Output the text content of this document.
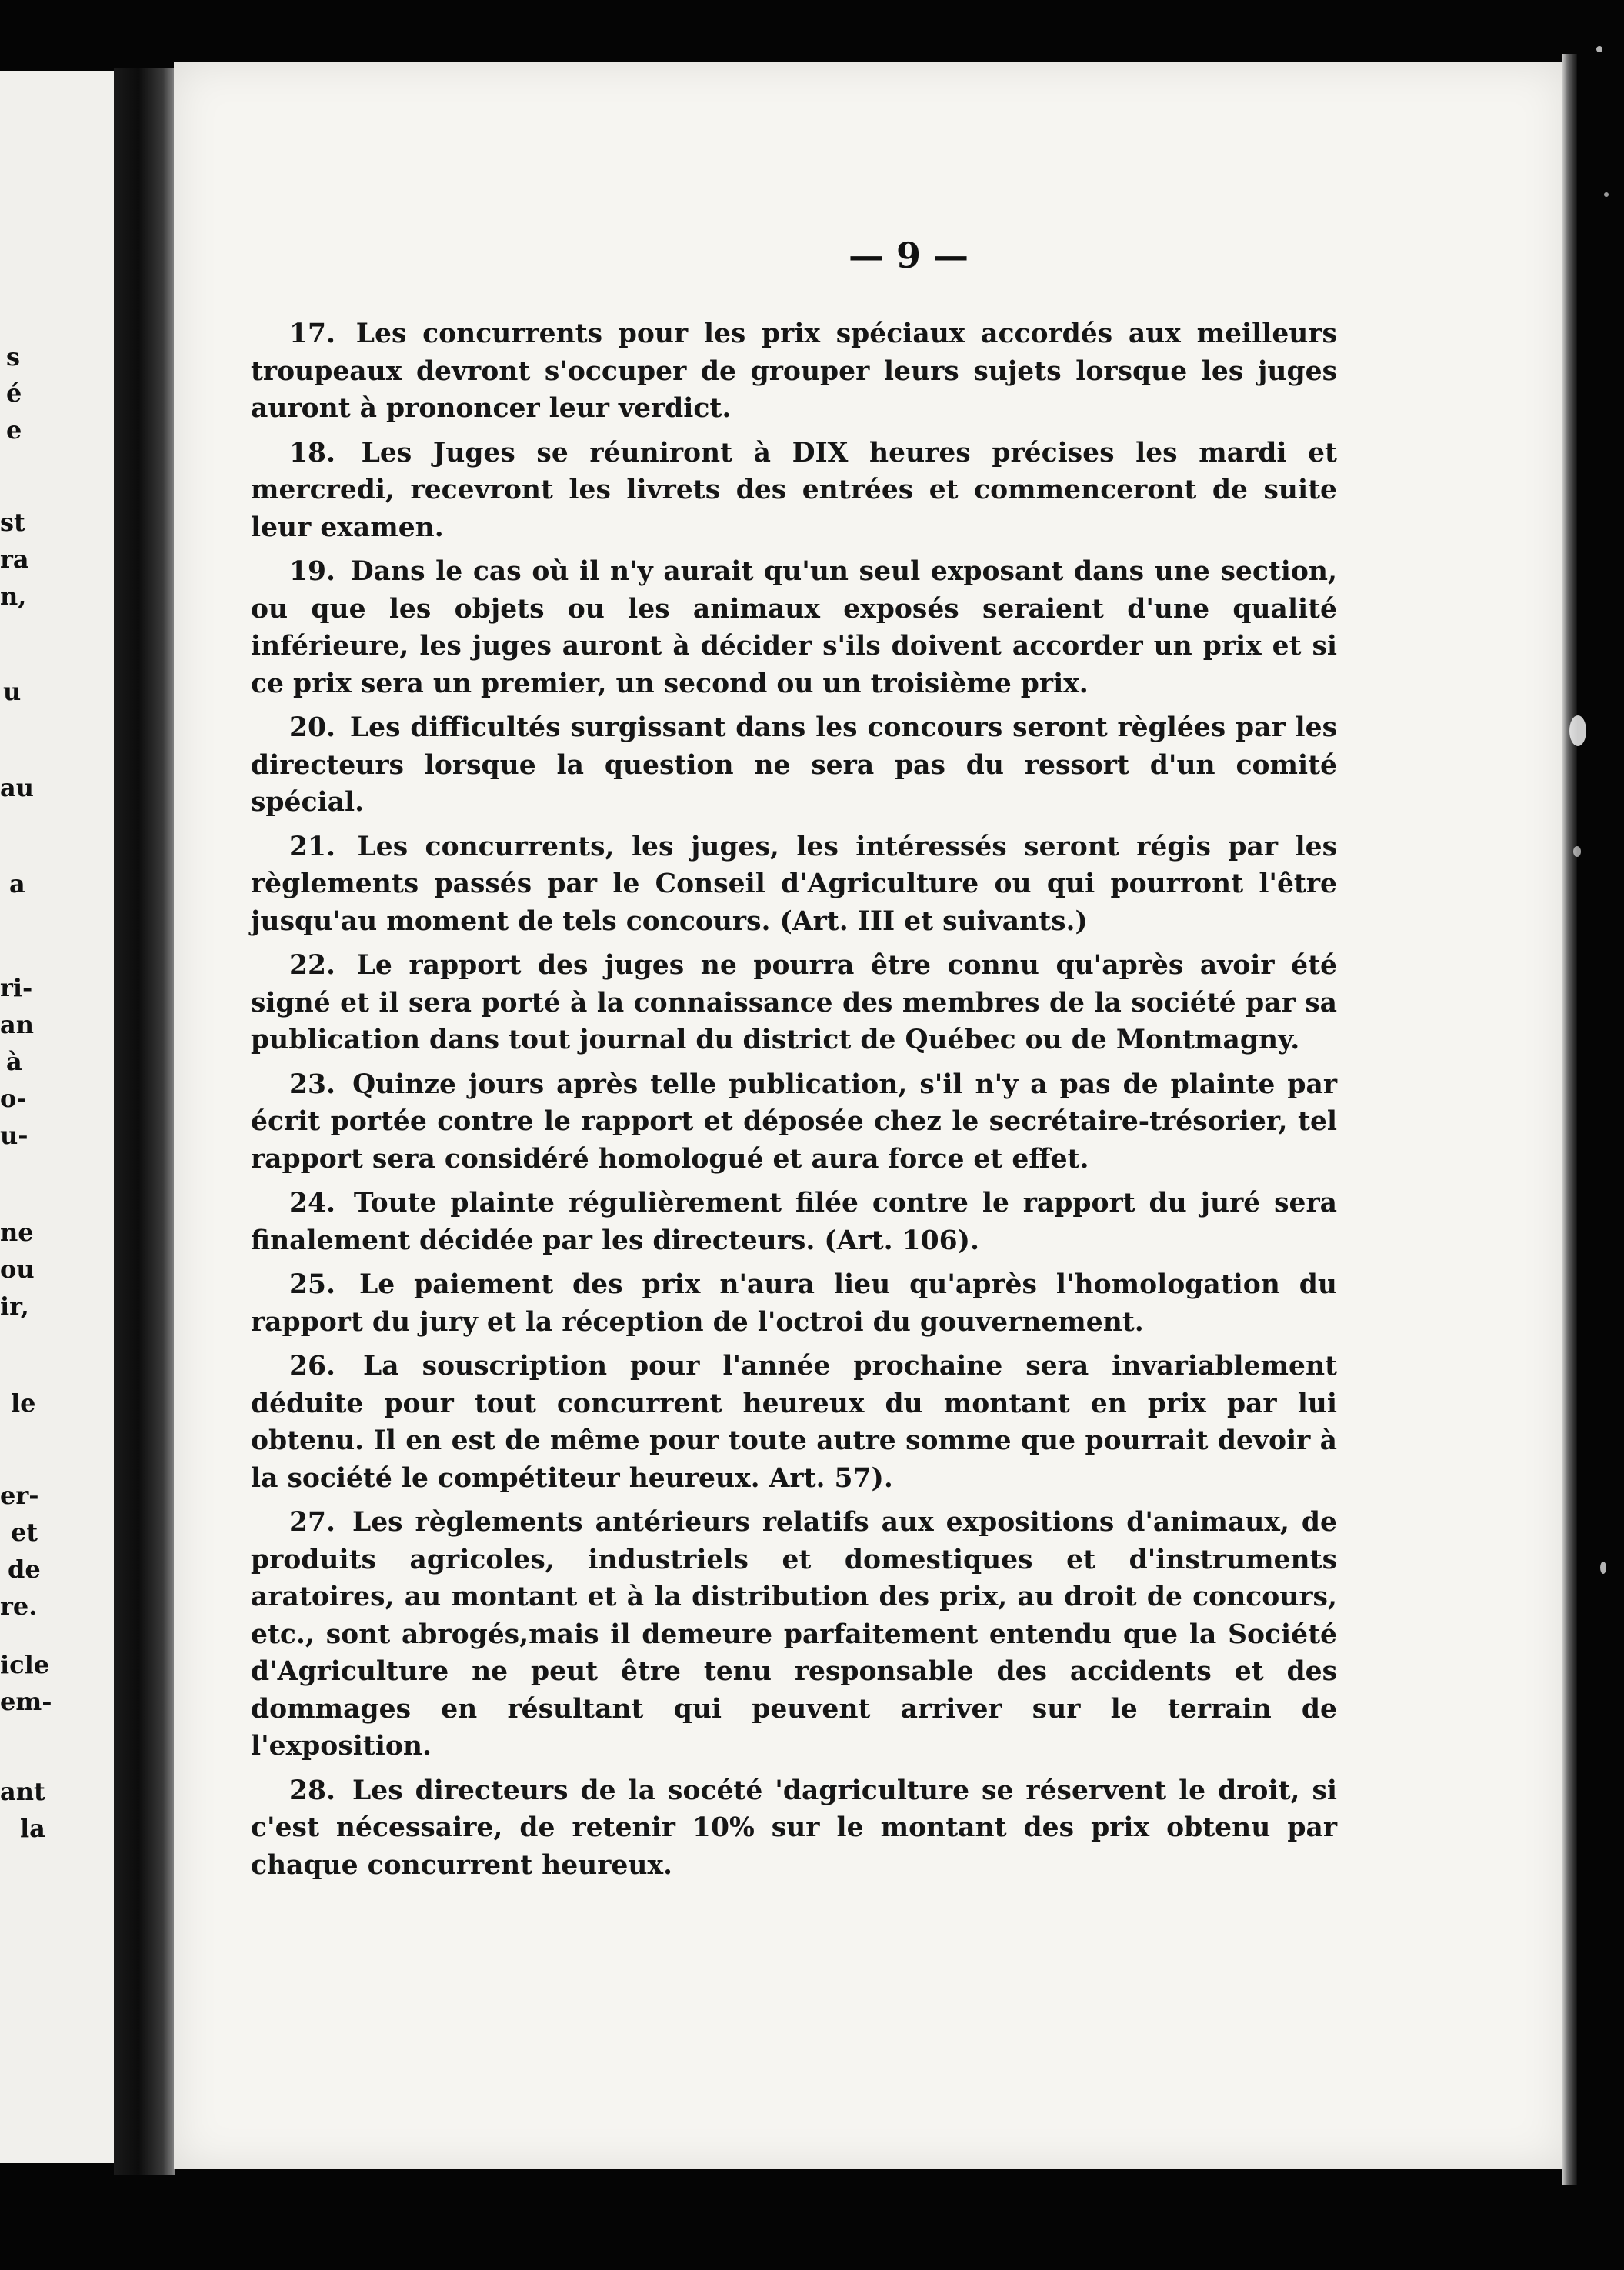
s
é
e
st
ra
n,
u
au
a
ri-
an
à
o-
u-
ne
ou
ir,
le
er-
et
de
re.
icle
em-
ant
la
— 9 —

17. Les concurrents pour les prix spéciaux accordés aux meilleurs troupeaux devront s'occuper de grouper leurs sujets lorsque les juges auront à prononcer leur verdict.

18. Les Juges se réuniront à DIX heures précises les mardi et mercredi, recevront les livrets des entrées et commenceront de suite leur examen.

19. Dans le cas où il n'y aurait qu'un seul exposant dans une section, ou que les objets ou les animaux exposés seraient d'une qualité inférieure, les juges auront à décider s'ils doivent accorder un prix et si ce prix sera un premier, un second ou un troisième prix.

20. Les difficultés surgissant dans les concours seront règlées par les directeurs lorsque la question ne sera pas du ressort d'un comité spécial.

21. Les concurrents, les juges, les intéressés seront régis par les règlements passés par le Conseil d'Agriculture ou qui pourront l'être jusqu'au moment de tels concours. (Art. III et suivants.)

22. Le rapport des juges ne pourra être connu qu'après avoir été signé et il sera porté à la connaissance des membres de la société par sa publication dans tout journal du district de Québec ou de Montmagny.

23. Quinze jours après telle publication, s'il n'y a pas de plainte par écrit portée contre le rapport et déposée chez le secrétaire-trésorier, tel rapport sera considéré homologué et aura force et effet.

24. Toute plainte régulièrement filée contre le rapport du juré sera finalement décidée par les directeurs. (Art. 106).

25. Le paiement des prix n'aura lieu qu'après l'homologation du rapport du jury et la réception de l'octroi du gouvernement.

26. La souscription pour l'année prochaine sera invariablement déduite pour tout concurrent heureux du montant en prix par lui obtenu. Il en est de même pour toute autre somme que pourrait devoir à la société le compétiteur heureux. Art. 57).

27. Les règlements antérieurs relatifs aux expositions d'animaux, de produits agricoles, industriels et domestiques et d'instruments aratoires, au montant et à la distribution des prix, au droit de concours, etc., sont abrogés,mais il demeure parfaitement entendu que la Société d'Agriculture ne peut être tenu responsable des accidents et des dommages en résultant qui peuvent arriver sur le terrain de l'exposition.

28. Les directeurs de la socété 'dagriculture se réservent le droit, si c'est nécessaire, de retenir 10% sur le montant des prix obtenu par chaque concurrent heureux.
